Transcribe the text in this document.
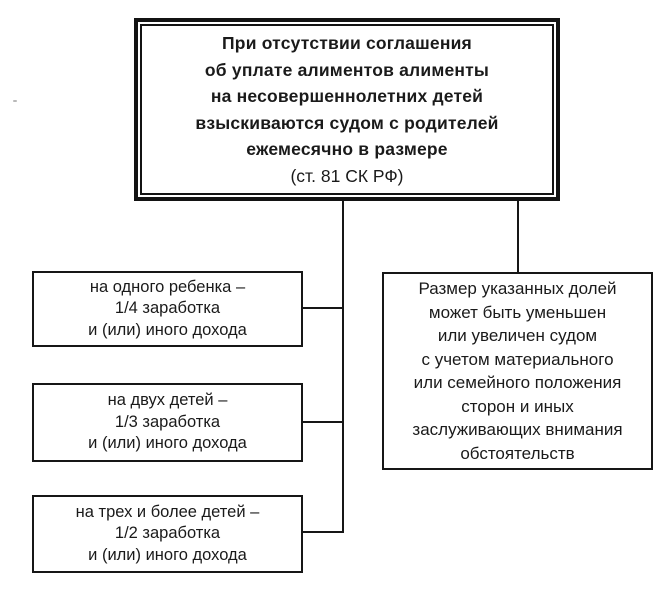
При отсутствии соглашения
об уплате алиментов алименты
на несовершеннолетних детей
взыскиваются судом с родителей
ежемесячно в размере
(ст. 81 СК РФ)
на одного ребенка –
1/4 заработка
и (или) иного дохода
на двух детей –
1/3 заработка
и (или) иного дохода
на трех и более детей –
1/2 заработка
и (или) иного дохода
Размер указанных долей
может быть уменьшен
или увеличен судом
с учетом материального
или семейного положения
сторон и иных
заслуживающих внимания
обстоятельств
